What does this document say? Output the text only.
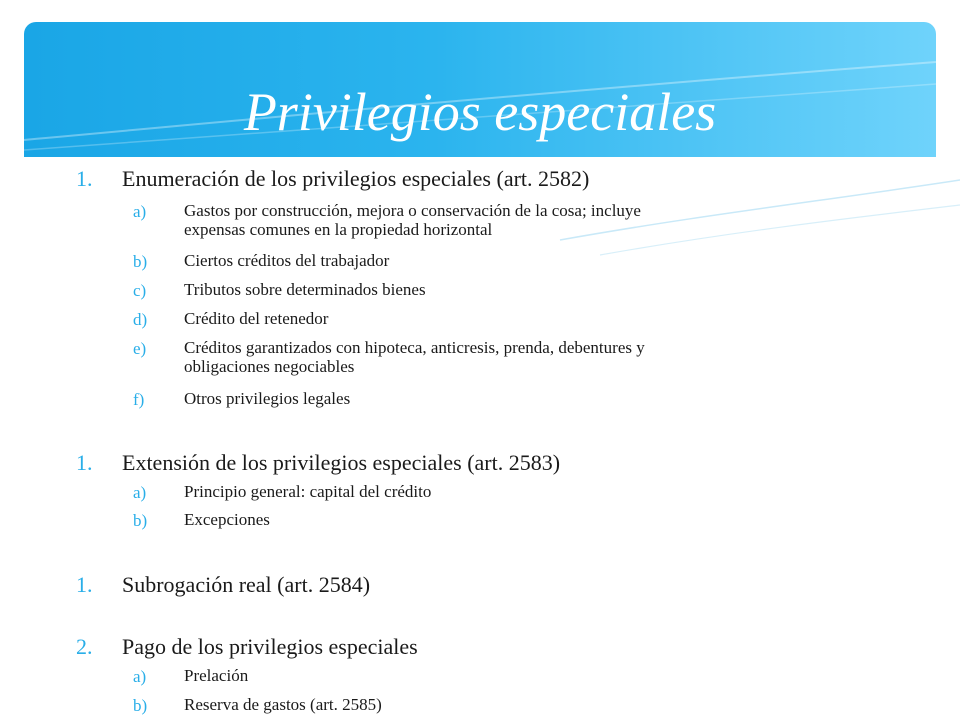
Privilegios especiales
1. Enumeración de los privilegios especiales (art. 2582)
a) Gastos por construcción, mejora o conservación de la cosa; incluye
expensas comunes en la propiedad horizontal
b) Ciertos créditos del trabajador
c) Tributos sobre determinados bienes
d) Crédito del retenedor
e) Créditos garantizados con hipoteca, anticresis, prenda, debentures y
obligaciones negociables
f) Otros privilegios legales
1. Extensión de los privilegios especiales (art. 2583)
a) Principio general: capital del crédito
b) Excepciones
1. Subrogación real (art. 2584)
2. Pago de los privilegios especiales
a) Prelación
b) Reserva de gastos (art. 2585)
